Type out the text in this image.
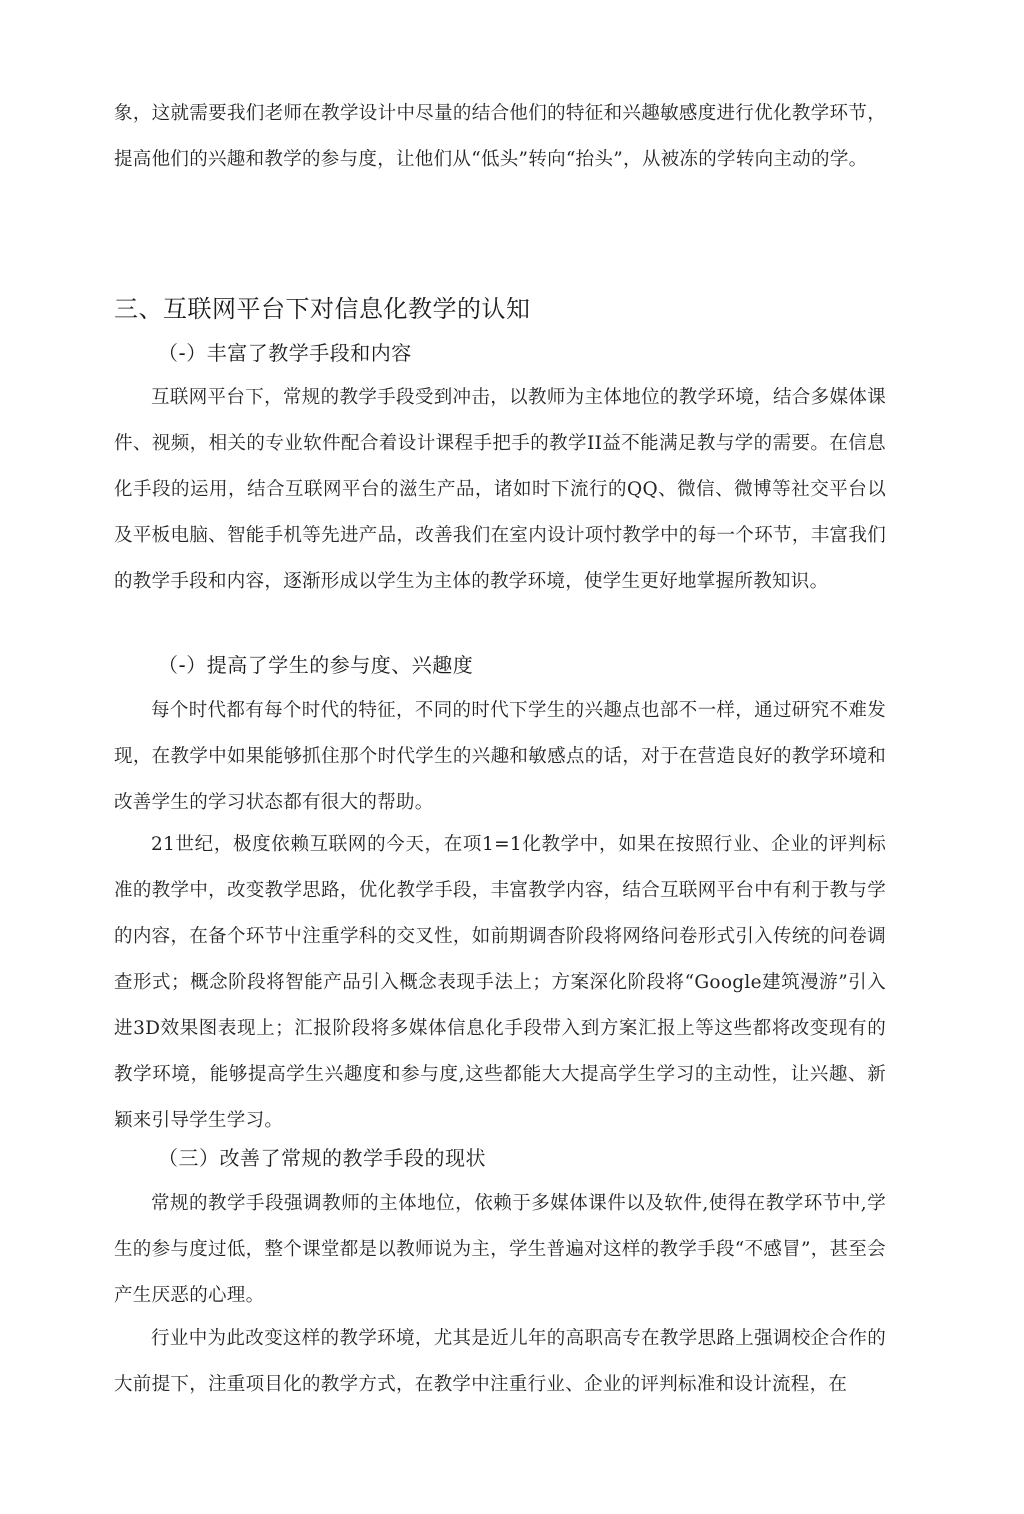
象，这就需要我们老师在教学设计中尽量的结合他们的特征和兴趣敏感度进行优化教学环节，提高他们的兴趣和教学的参与度，让他们从“低头”转向“抬头”，从被冻的学转向主动的学。

三、互联网平台下对信息化教学的认知
（-）丰富了教学手段和内容

互联网平台下，常规的教学手段受到冲击，以教师为主体地位的教学环境，结合多媒体课件、视频，相关的专业软件配合着设计课程手把手的教学II益不能满足教与学的需要。在信息化手段的运用，结合互联网平台的滋生产品，诸如时下流行的QQ、微信、微博等社交平台以及平板电脑、智能手机等先进产品，改善我们在室内设计项忖教学中的每一个环节，丰富我们的教学手段和内容，逐渐形成以学生为主体的教学环境，使学生更好地掌握所教知识。

（-）提高了学生的参与度、兴趣度

每个时代都有每个时代的特征，不同的时代下学生的兴趣点也部不一样，通过研究不难发现，在教学中如果能够抓住那个时代学生的兴趣和敏感点的话，对于在营造良好的教学环境和改善学生的学习状态都有很大的帮助。

21世纪，极度依赖互联网的今天，在项1=1化教学中，如果在按照行业、企业的评判标准的教学中，改变教学思路，优化教学手段，丰富教学内容，结合互联网平台中有利于教与学的内容，在备个环节屮注重学科的交叉性，如前期调杳阶段将网络问卷形式引入传统的问卷调查形式；概念阶段将智能产品引入概念表现手法上；方案深化阶段将“Google建筑漫游”引入进3D效果图表现上；汇报阶段将多媒体信息化手段带入到方案汇报上等这些都将改变现有的教学环境，能够提高学生兴趣度和参与度,这些都能大大提高学生学习的主动性，让兴趣、新颖来引导学生学习。

（三）改善了常规的教学手段的现状

常规的教学手段强调教师的主体地位，依赖于多媒体课件以及软件,使得在教学环节中,学生的参与度过低，整个课堂都是以教师说为主，学生普遍对这样的教学手段“不感冒”，甚至会产生厌恶的心理。

行业中为此改变这样的教学环境，尤其是近儿年的高职高专在教学思路上强调校企合作的大前提下，注重项目化的教学方式，在教学中注重行业、企业的评判标准和设计流程，在
